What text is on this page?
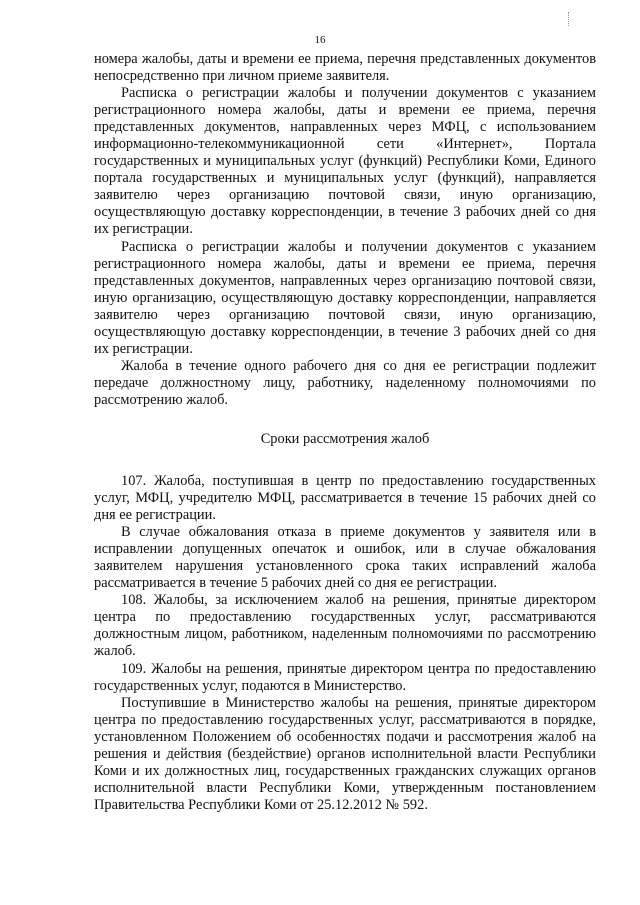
16

номера жалобы, даты и времени ее приема, перечня представленных документов непосредственно при личном приеме заявителя.

Расписка о регистрации жалобы и получении документов с указанием регистрационного номера жалобы, даты и времени ее приема, перечня представленных документов, направленных через МФЦ, с использованием информационно-телекоммуникационной сети «Интернет», Портала государственных и муниципальных услуг (функций) Республики Коми, Единого портала государственных и муниципальных услуг (функций), направляется заявителю через организацию почтовой связи, иную организацию, осуществляющую доставку корреспонденции, в течение 3 рабочих дней со дня их регистрации.

Расписка о регистрации жалобы и получении документов с указанием регистрационного номера жалобы, даты и времени ее приема, перечня представленных документов, направленных через организацию почтовой связи, иную организацию, осуществляющую доставку корреспонденции, направляется заявителю через организацию почтовой связи, иную организацию, осуществляющую доставку корреспонденции, в течение 3 рабочих дней со дня их регистрации.

Жалоба в течение одного рабочего дня со дня ее регистрации подлежит передаче должностному лицу, работнику, наделенному полномочиями по рассмотрению жалоб.

Сроки рассмотрения жалоб

107. Жалоба, поступившая в центр по предоставлению государственных услуг, МФЦ, учредителю МФЦ, рассматривается в течение 15 рабочих дней со дня ее регистрации.

В случае обжалования отказа в приеме документов у заявителя или в исправлении допущенных опечаток и ошибок, или в случае обжалования заявителем нарушения установленного срока таких исправлений жалоба рассматривается в течение 5 рабочих дней со дня ее регистрации.

108. Жалобы, за исключением жалоб на решения, принятые директором центра по предоставлению государственных услуг, рассматриваются должностным лицом, работником, наделенным полномочиями по рассмотрению жалоб.

109. Жалобы на решения, принятые директором центра по предоставлению государственных услуг, подаются в Министерство.

Поступившие в Министерство жалобы на решения, принятые директором центра по предоставлению государственных услуг, рассматриваются в порядке, установленном Положением об особенностях подачи и рассмотрения жалоб на решения и действия (бездействие) органов исполнительной власти Республики Коми и их должностных лиц, государственных гражданских служащих органов исполнительной власти Республики Коми, утвержденным постановлением Правительства Республики Коми от 25.12.2012 № 592.
